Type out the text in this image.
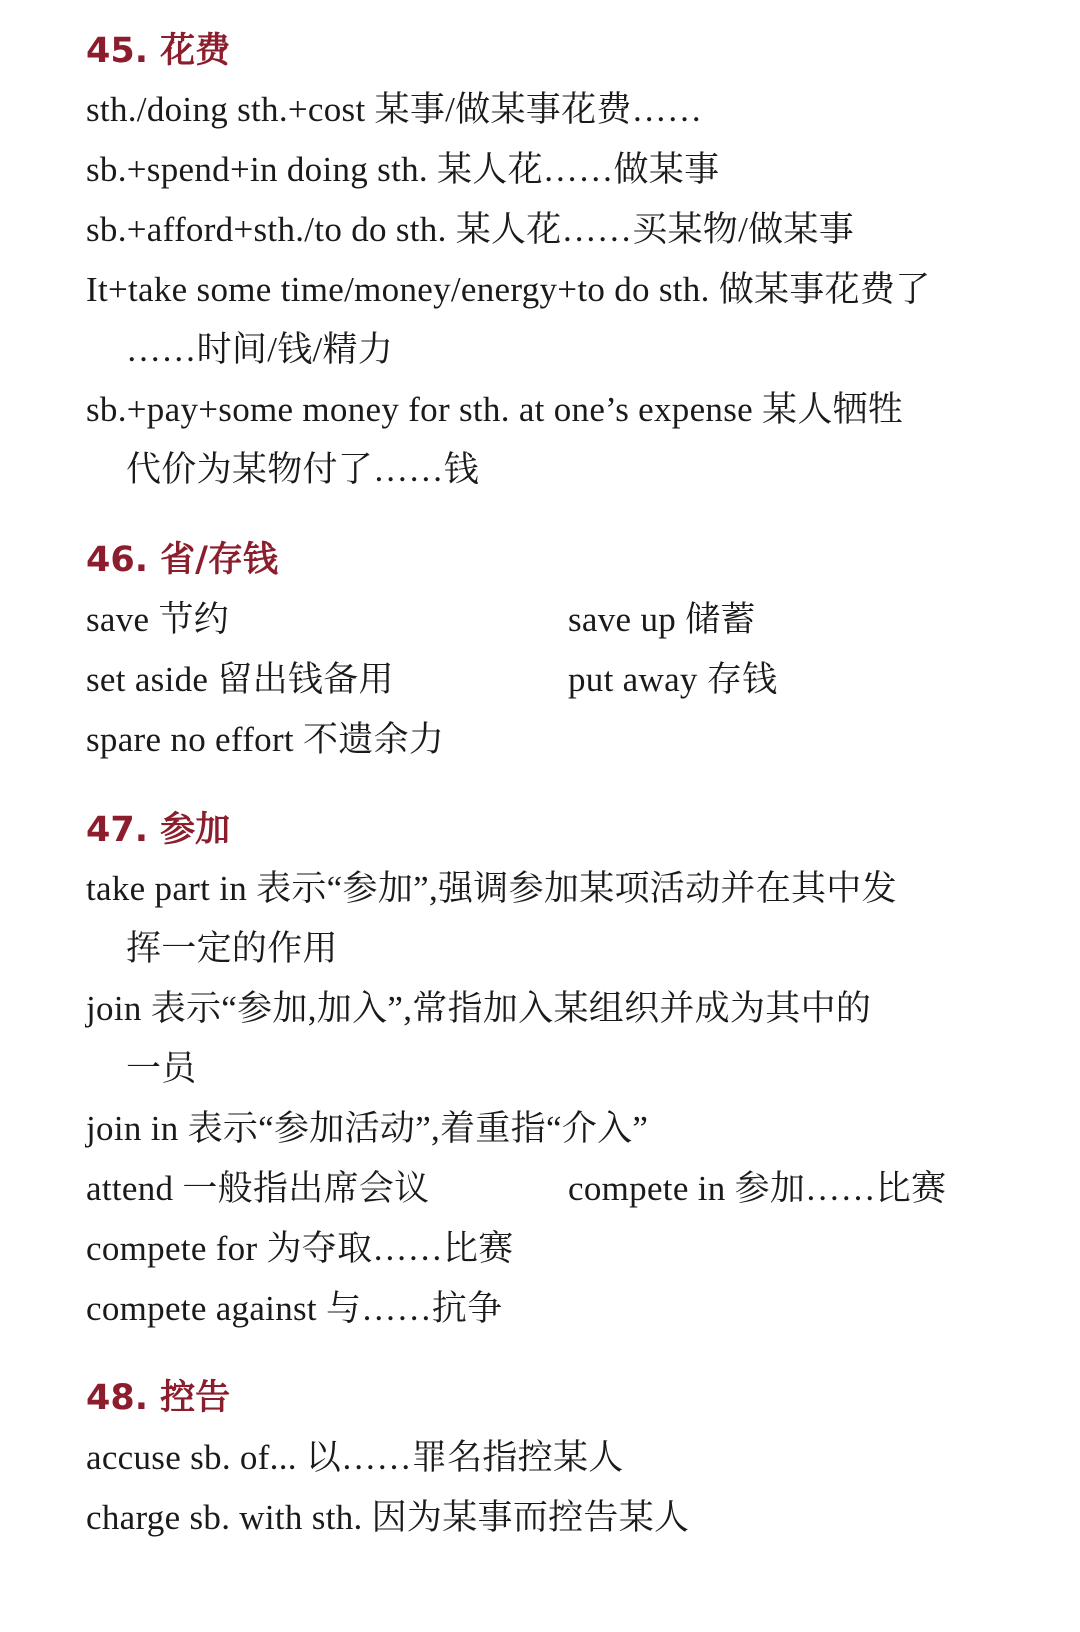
45. 花费
sth./doing sth.+cost 某事/做某事花费……
sb.+spend+in doing sth. 某人花……做某事
sb.+afford+sth./to do sth. 某人花……买某物/做某事
It+take some time/money/energy+to do sth. 做某事花费了
……时间/钱/精力
sb.+pay+some money for sth. at one’s expense 某人牺牲
代价为某物付了……钱
46. 省/存钱
save 节约	save up 储蓄
set aside 留出钱备用	put away 存钱
spare no effort 不遗余力
47. 参加
take part in 表示“参加”,强调参加某项活动并在其中发
挥一定的作用
join 表示“参加,加入”,常指加入某组织并成为其中的
一员
join in 表示“参加活动”,着重指“介入”
attend 一般指出席会议	compete in 参加……比赛
compete for 为夺取……比赛
compete against 与……抗争
48. 控告
accuse sb. of... 以……罪名指控某人
charge sb. with sth. 因为某事而控告某人
